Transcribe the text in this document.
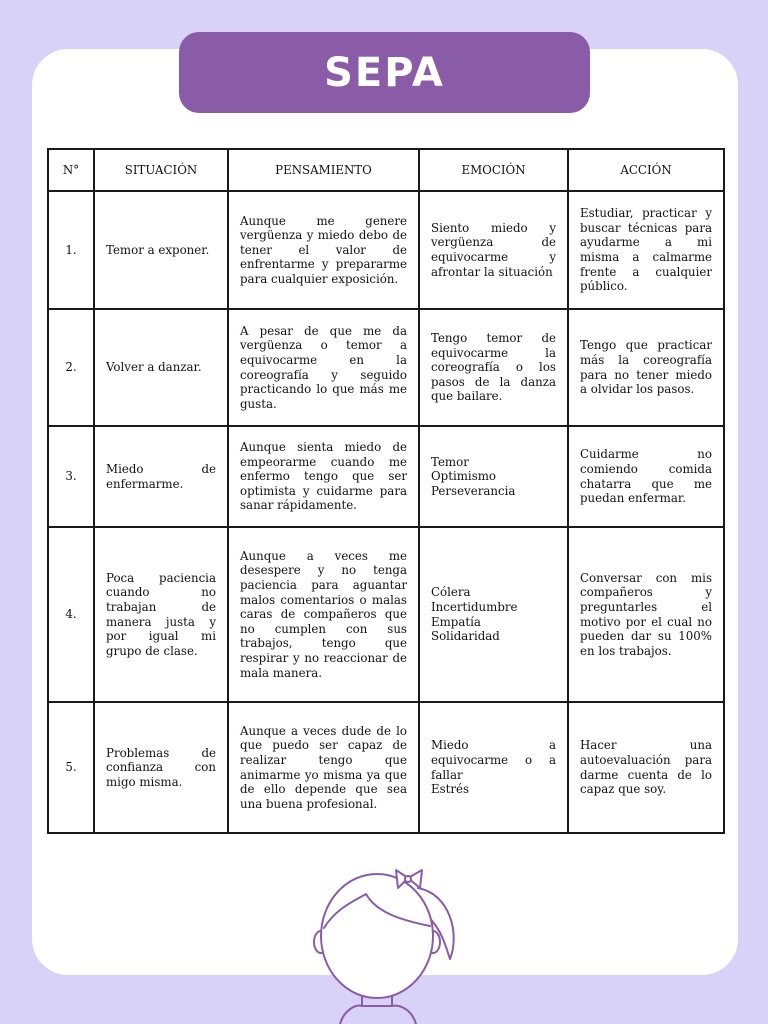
SEPA
N°	SITUACIÓN	PENSAMIENTO	EMOCIÓN	ACCIÓN
1.	Temor a exponer.	Aunque me genere vergüenza y miedo debo de tener el valor de enfrentarme y prepararme para cualquier exposición.	Siento miedo y vergüenza de equivocarme y afrontar la situación	Estudiar, practicar y buscar técnicas para ayudarme a mi misma a calmarme frente a cualquier público.
2.	Volver a danzar.	A pesar de que me da vergüenza o temor a equivocarme en la coreografía y seguido practicando lo que más me gusta.	Tengo temor de equivocarme la coreografía o los pasos de la danza que bailare.	Tengo que practicar más la coreografía para no tener miedo a olvidar los pasos.
3.	Miedo de enfermarme.	Aunque sienta miedo de empeorarme cuando me enfermo tengo que ser optimista y cuidarme para sanar rápidamente.	Temor
Optimismo
Perseverancia	Cuidarme no comiendo comida chatarra que me puedan enfermar.
4.	Poca paciencia cuando no trabajan de manera justa y por igual mi grupo de clase.	Aunque a veces me desespere y no tenga paciencia para aguantar malos comentarios o malas caras de compañeros que no cumplen con sus trabajos, tengo que respirar y no reaccionar de mala manera.	Cólera
Incertidumbre
Empatía
Solidaridad	Conversar con mis compañeros y preguntarles el motivo por el cual no pueden dar su 100% en los trabajos.
5.	Problemas de confianza con migo misma.	Aunque a veces dude de lo que puedo ser capaz de realizar tengo que animarme yo misma ya que de ello depende que sea una buena profesional.	Miedo a equivocarme o a fallar
Estrés	Hacer una autoevaluación para darme cuenta de lo capaz que soy.
